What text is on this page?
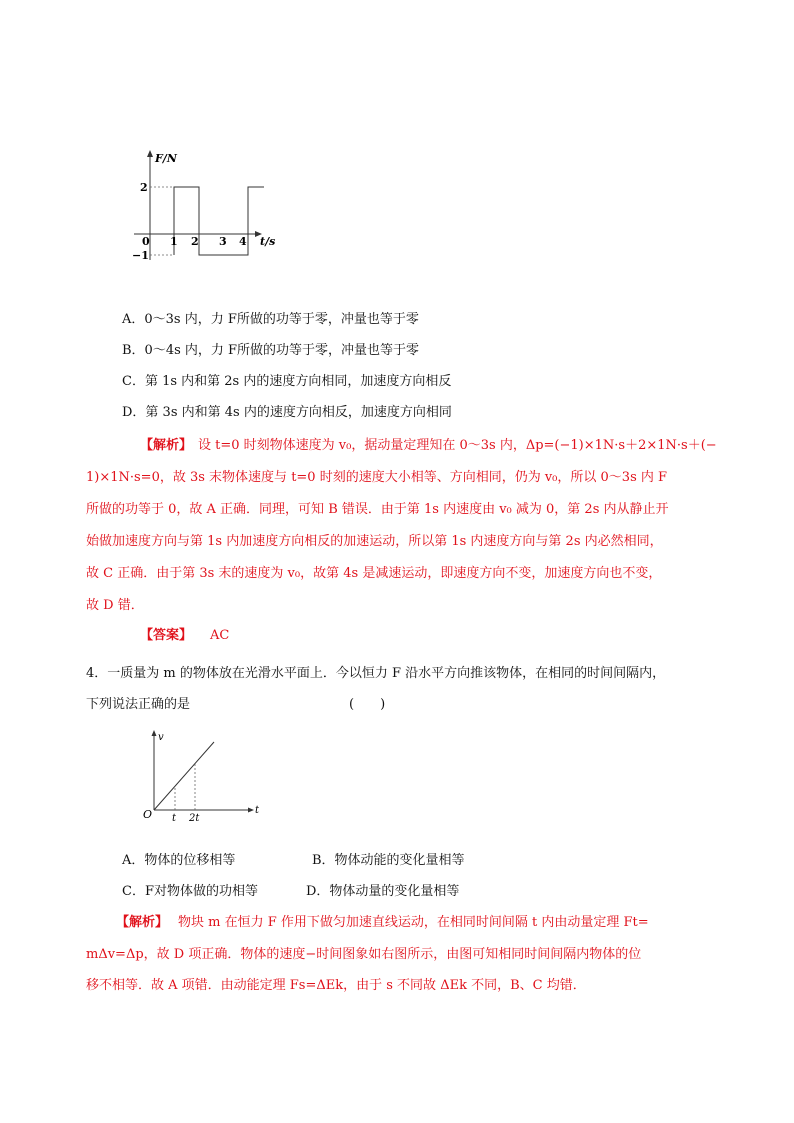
F/N
2
−1
0 1 2 3 4 t/s
A．0～3s 内，力 F所做的功等于零，冲量也等于零
B．0～4s 内，力 F所做的功等于零，冲量也等于零
C．第 1s 内和第 2s 内的速度方向相同，加速度方向相反
D．第 3s 内和第 4s 内的速度方向相反，加速度方向相同
【解析】 设 t=0 时刻物体速度为 v₀，据动量定理知在 0～3s 内，Δp=(−1)×1N·s＋2×1N·s＋(−
1)×1N·s=0，故 3s 末物体速度与 t=0 时刻的速度大小相等、方向相同，仍为 v₀，所以 0～3s 内 F
所做的功等于 0，故 A 正确．同理，可知 B 错误．由于第 1s 内速度由 v₀ 减为 0，第 2s 内从静止开
始做加速度方向与第 1s 内加速度方向相反的加速运动，所以第 1s 内速度方向与第 2s 内必然相同，
故 C 正确．由于第 3s 末的速度为 v₀，故第 4s 是减速运动，即速度方向不变，加速度方向也不变，
故 D 错．
【答案】 AC
4．一质量为 m 的物体放在光滑水平面上．今以恒力 F 沿水平方向推该物体，在相同的时间间隔内，
下列说法正确的是	(　　)
v
O t 2t
t
A．物体的位移相等	B．物体动能的变化量相等
C．F对物体做的功相等	D．物体动量的变化量相等
【解析】 物块 m 在恒力 F 作用下做匀加速直线运动，在相同时间间隔 t 内由动量定理 Ft=
mΔv=Δp，故 D 项正确．物体的速度−时间图象如右图所示，由图可知相同时间间隔内物体的位
移不相等．故 A 项错．由动能定理 Fs=ΔEk，由于 s 不同故 ΔEk 不同，B、C 均错．
